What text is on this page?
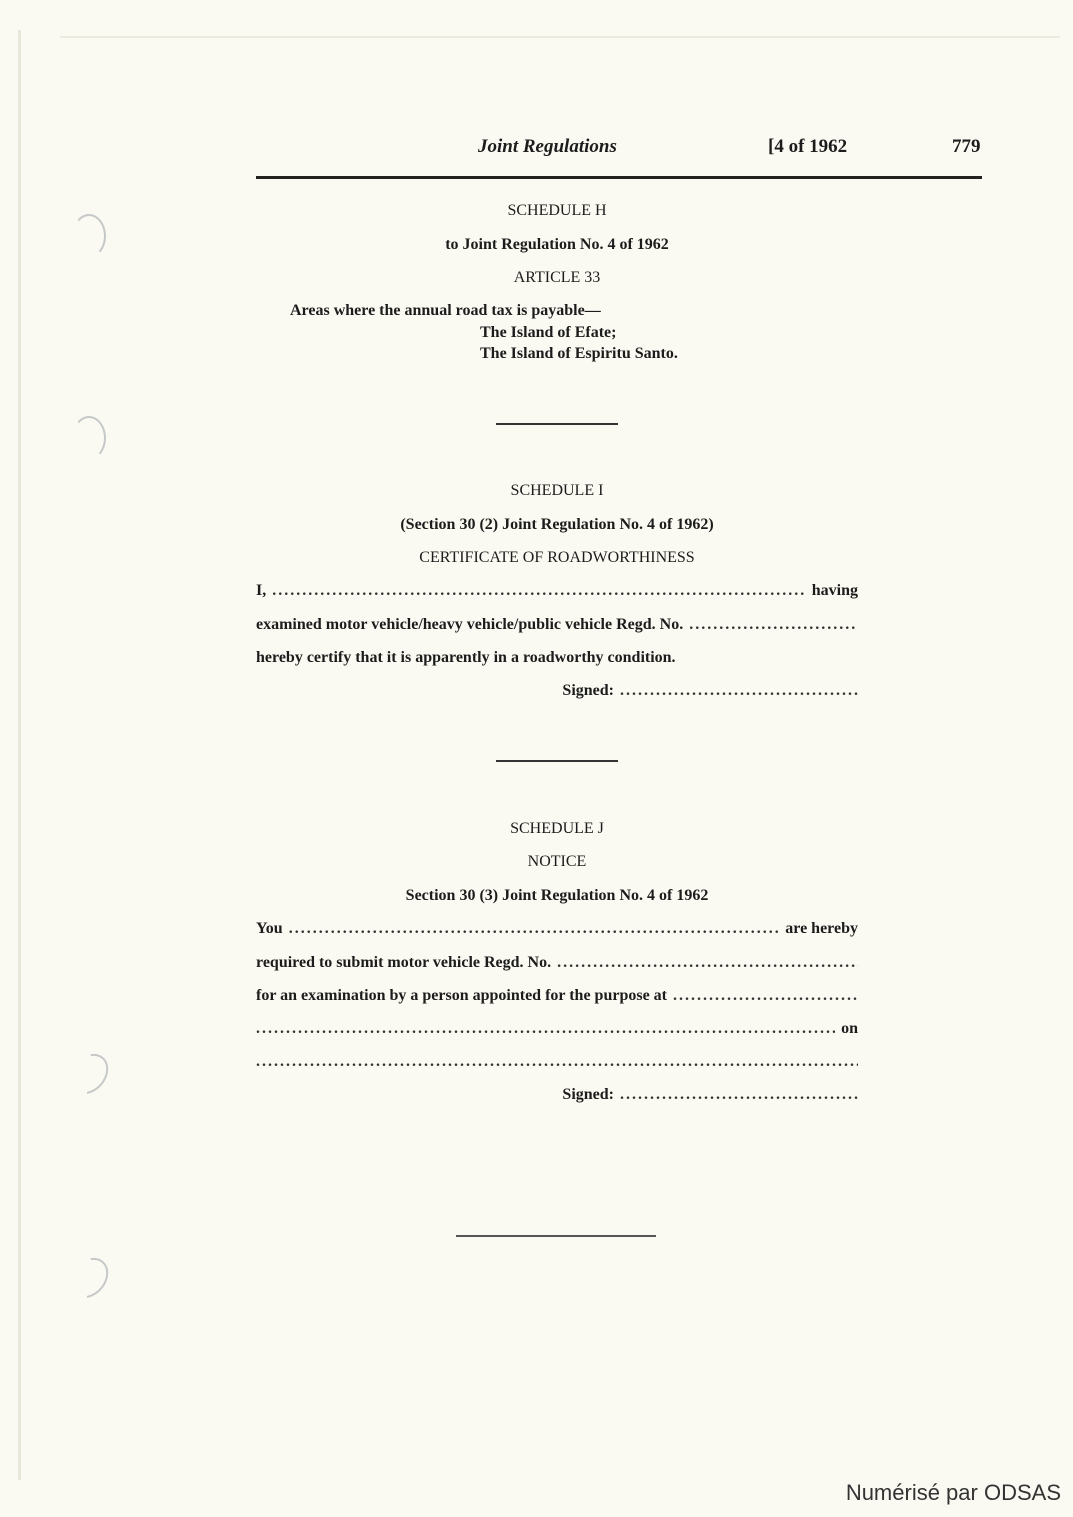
Joint Regulations	[4 of 1962	779
SCHEDULE H
to Joint Regulation No. 4 of 1962
ARTICLE 33
Areas where the annual road tax is payable—
The Island of Efate;
The Island of Espiritu Santo.
SCHEDULE I
(Section 30 (2) Joint Regulation No. 4 of 1962)
CERTIFICATE OF ROADWORTHINESS
I, .....	having
examined motor vehicle/heavy vehicle/public vehicle Regd. No.
.....
hereby certify that it is apparently in a roadworthy condition.
Signed:
.....
SCHEDULE J
NOTICE
Section 30 (3) Joint Regulation No. 4 of 1962
You .....	are hereby
required to submit motor vehicle Regd. No.
.....
for an examination by a person appointed for the purpose at
.....
.....
on
.....
Signed:
.....
Numérisé par ODSAS
